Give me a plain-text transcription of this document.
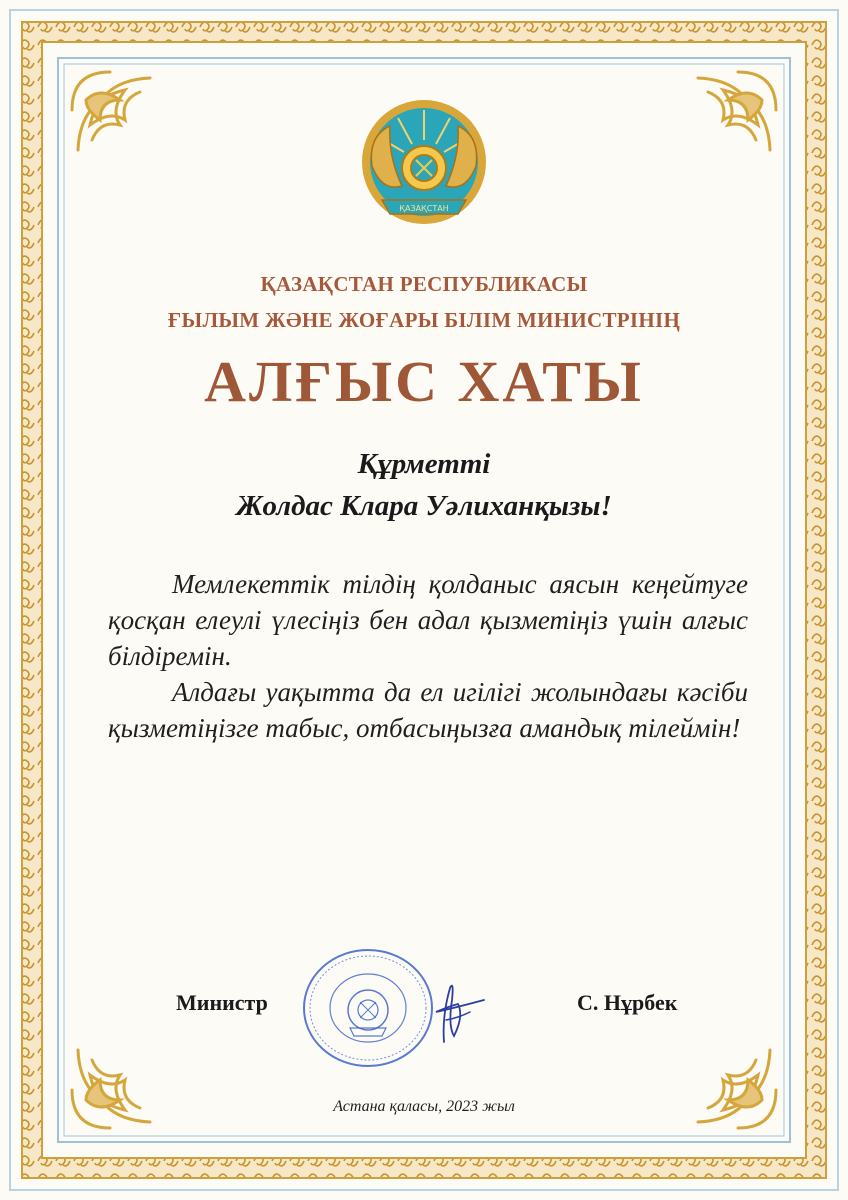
ҚАЗАҚСТАН
ҚАЗАҚСТАН РЕСПУБЛИКАСЫ
ҒЫЛЫМ ЖӘНЕ ЖОҒАРЫ БІЛІМ МИНИСТРІНІҢ
АЛҒЫС ХАТЫ
Құрметті
Жолдас Клара Уәлиханқызы!

Мемлекеттік тілдің қолданыс аясын кеңейтуге қосқан елеулі үлесіңіз бен адал қызметіңіз үшін алғыс білдіремін.

Алдағы уақытта да ел игілігі жолындағы кәсіби қызметіңізге табыс, отбасыңызға амандық тілеймін!

Министр	С. Нұрбек
Астана қаласы, 2023 жыл
